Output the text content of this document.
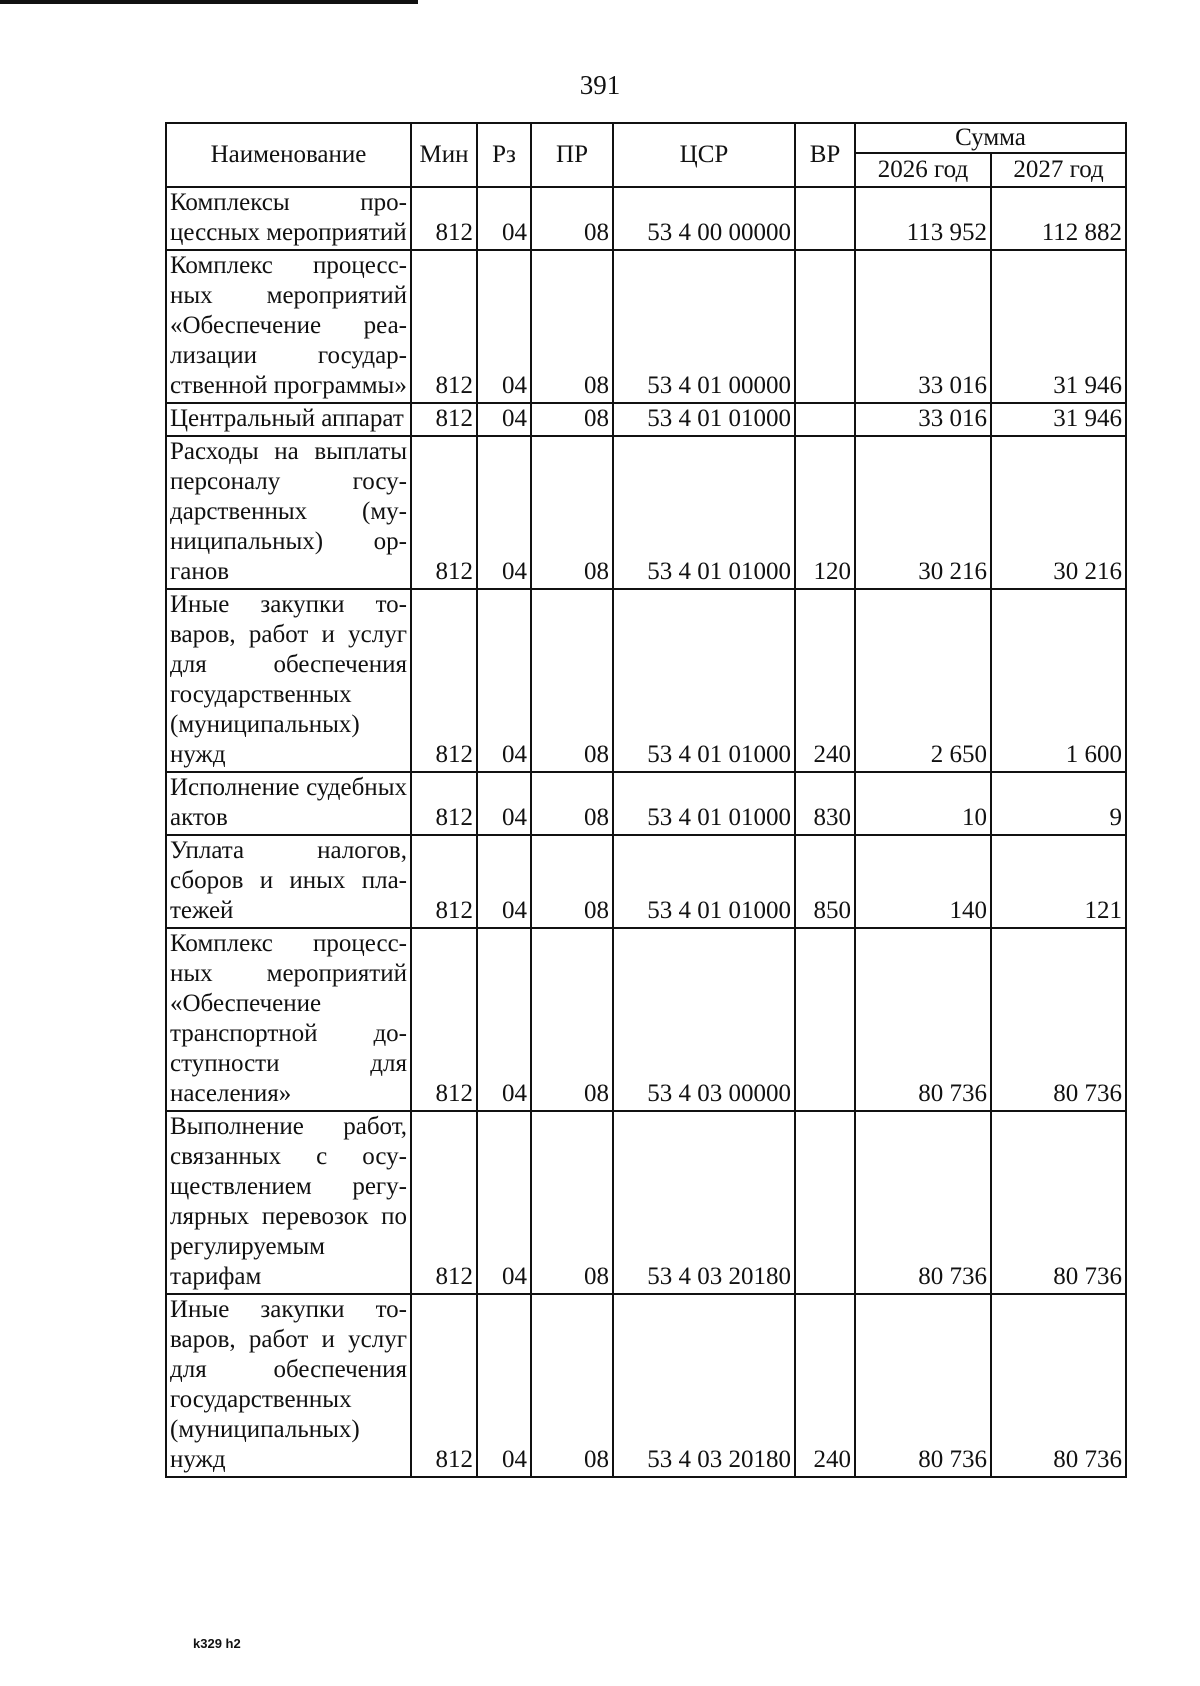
391
Наименование	Мин	Рз	ПР	ЦСР	ВР	Сумма	
						2026 год	2027 год
Комплексы процессных мероприятий	812	04	08	53 4 00 00000		113 952	112 882
Комплекс процессных мероприятий «Обеспечение реализации государственной программы»	812	04	08	53 4 01 00000		33 016	31 946
Центральный аппарат	812	04	08	53 4 01 01000		33 016	31 946
Расходы на выплаты персоналу государственных (муниципальных) органов	812	04	08	53 4 01 01000	120	30 216	30 216
Иные закупки товаров, работ и услуг для обеспечения государственных (муниципальных) нужд	812	04	08	53 4 01 01000	240	2 650	1 600
Исполнение судебных актов	812	04	08	53 4 01 01000	830	10	9
Уплата налогов, сборов и иных платежей	812	04	08	53 4 01 01000	850	140	121
Комплекс процессных мероприятий «Обеспечение транспортной доступности для населения»	812	04	08	53 4 03 00000		80 736	80 736
Выполнение работ, связанных с осуществлением регулярных перевозок по регулируемым тарифам	812	04	08	53 4 03 20180		80 736	80 736
Иные закупки товаров, работ и услуг для обеспечения государственных (муниципальных) нужд	812	04	08	53 4 03 20180	240	80 736	80 736
k329 h2
